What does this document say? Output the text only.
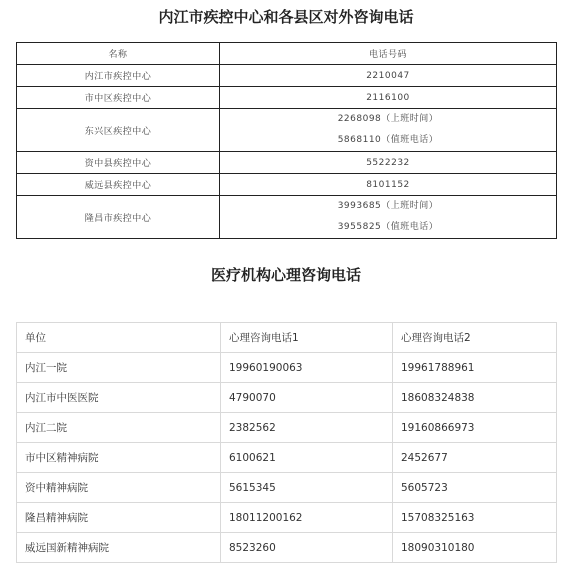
内江市疾控中心和各县区对外咨询电话
名称	电话号码
内江市疾控中心	2210047
市中区疾控中心	2116100
东兴区疾控中心	2268098（上班时间）
5868110（值班电话）

资中县疾控中心	5522232
威远县疾控中心	8101152
隆昌市疾控中心	3993685（上班时间）
3955825（值班电话）
医疗机构心理咨询电话
单位	心理咨询电话1	心理咨询电话2
内江一院	19960190063	19961788961
内江市中医医院	4790070	18608324838
内江二院	2382562	19160866973
市中区精神病院	6100621	2452677
资中精神病院	5615345	5605723
隆昌精神病院	18011200162	15708325163
威远国新精神病院	8523260	18090310180
